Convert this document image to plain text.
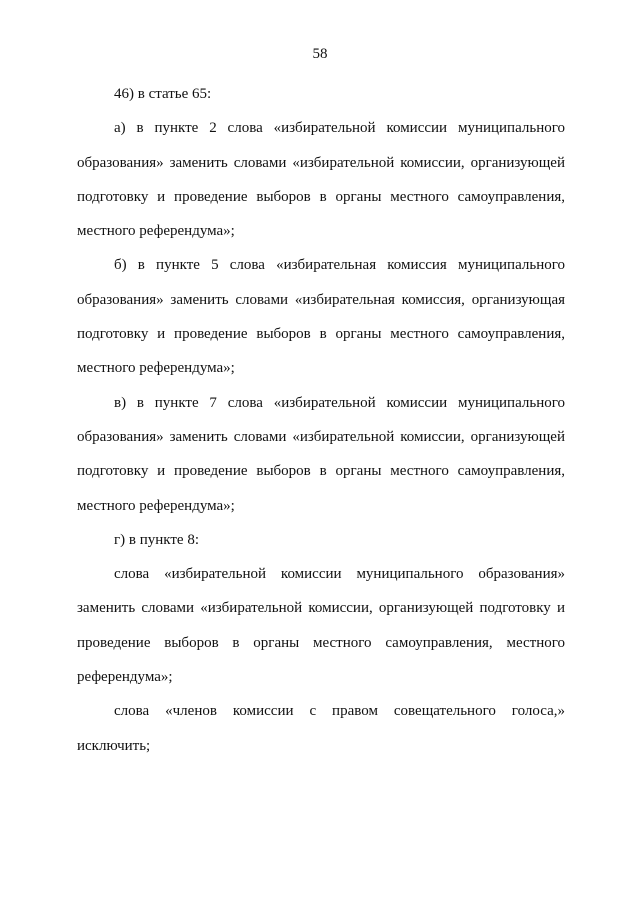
58

46) в статье 65:

а) в пункте 2 слова «избирательной комиссии муниципального образования» заменить словами «избирательной комиссии, организующей подготовку и проведение выборов в органы местного самоуправления, местного референдума»;

б) в пункте 5 слова «избирательная комиссия муниципального образования» заменить словами «избирательная комиссия, организующая подготовку и проведение выборов в органы местного самоуправления, местного референдума»;

в) в пункте 7 слова «избирательной комиссии муниципального образования» заменить словами «избирательной комиссии, организующей подготовку и проведение выборов в органы местного самоуправления, местного референдума»;

г) в пункте 8:

слова «избирательной комиссии муниципального образования» заменить словами «избирательной комиссии, организующей подготовку и проведение выборов в органы местного самоуправления, местного референдума»;

слова «членов комиссии с правом совещательного голоса,» исключить;
